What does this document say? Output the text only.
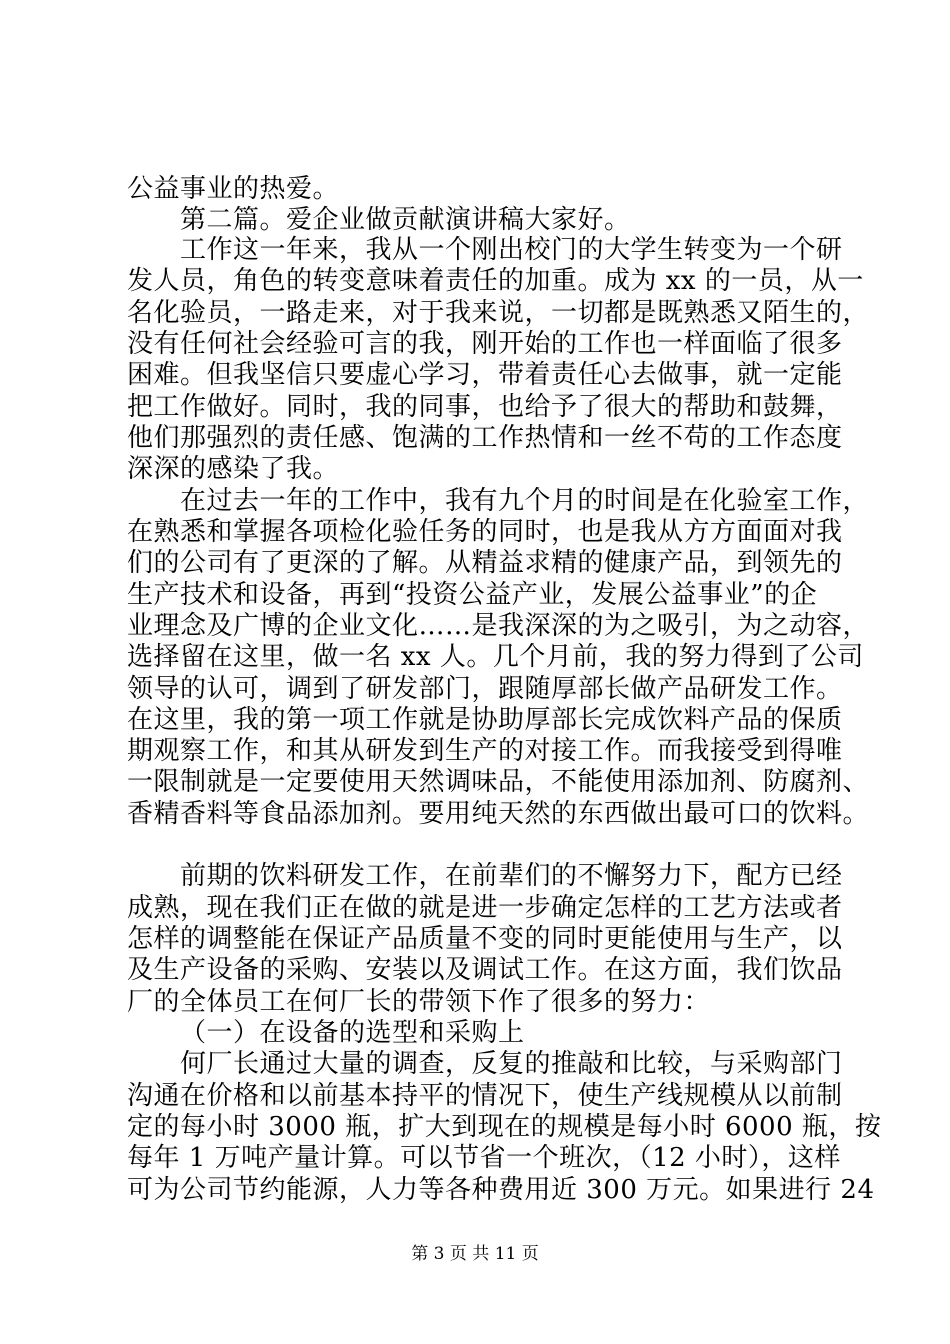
公益事业的热爱。
第二篇。爱企业做贡献演讲稿大家好。
工作这一年来，我从一个刚出校门的大学生转变为一个研
发人员，角色的转变意味着责任的加重。成为 xx 的一员，从一
名化验员，一路走来，对于我来说，一切都是既熟悉又陌生的，
没有任何社会经验可言的我，刚开始的工作也一样面临了很多
困难。但我坚信只要虚心学习，带着责任心去做事，就一定能
把工作做好。同时，我的同事，也给予了很大的帮助和鼓舞，
他们那强烈的责任感、饱满的工作热情和一丝不苟的工作态度
深深的感染了我。
在过去一年的工作中，我有九个月的时间是在化验室工作，
在熟悉和掌握各项检化验任务的同时，也是我从方方面面对我
们的公司有了更深的了解。从精益求精的健康产品，到领先的
生产技术和设备，再到“投资公益产业，发展公益事业”的企
业理念及广博的企业文化……是我深深的为之吸引，为之动容，
选择留在这里，做一名 xx 人。几个月前，我的努力得到了公司
领导的认可，调到了研发部门，跟随厚部长做产品研发工作。
在这里，我的第一项工作就是协助厚部长完成饮料产品的保质
期观察工作，和其从研发到生产的对接工作。而我接受到得唯
一限制就是一定要使用天然调味品，不能使用添加剂、防腐剂、
香精香料等食品添加剂。要用纯天然的东西做出最可口的饮料。
前期的饮料研发工作，在前辈们的不懈努力下，配方已经
成熟，现在我们正在做的就是进一步确定怎样的工艺方法或者
怎样的调整能在保证产品质量不变的同时更能使用与生产，以
及生产设备的采购、安装以及调试工作。在这方面，我们饮品
厂的全体员工在何厂长的带领下作了很多的努力：
（一）在设备的选型和采购上
何厂长通过大量的调查，反复的推敲和比较，与采购部门
沟通在价格和以前基本持平的情况下，使生产线规模从以前制
定的每小时 3000 瓶，扩大到现在的规模是每小时 6000 瓶，按
每年 1 万吨产量计算。可以节省一个班次，（12 小时），这样
可为公司节约能源，人力等各种费用近 300 万元。如果进行 24
第 3 页 共 11 页
